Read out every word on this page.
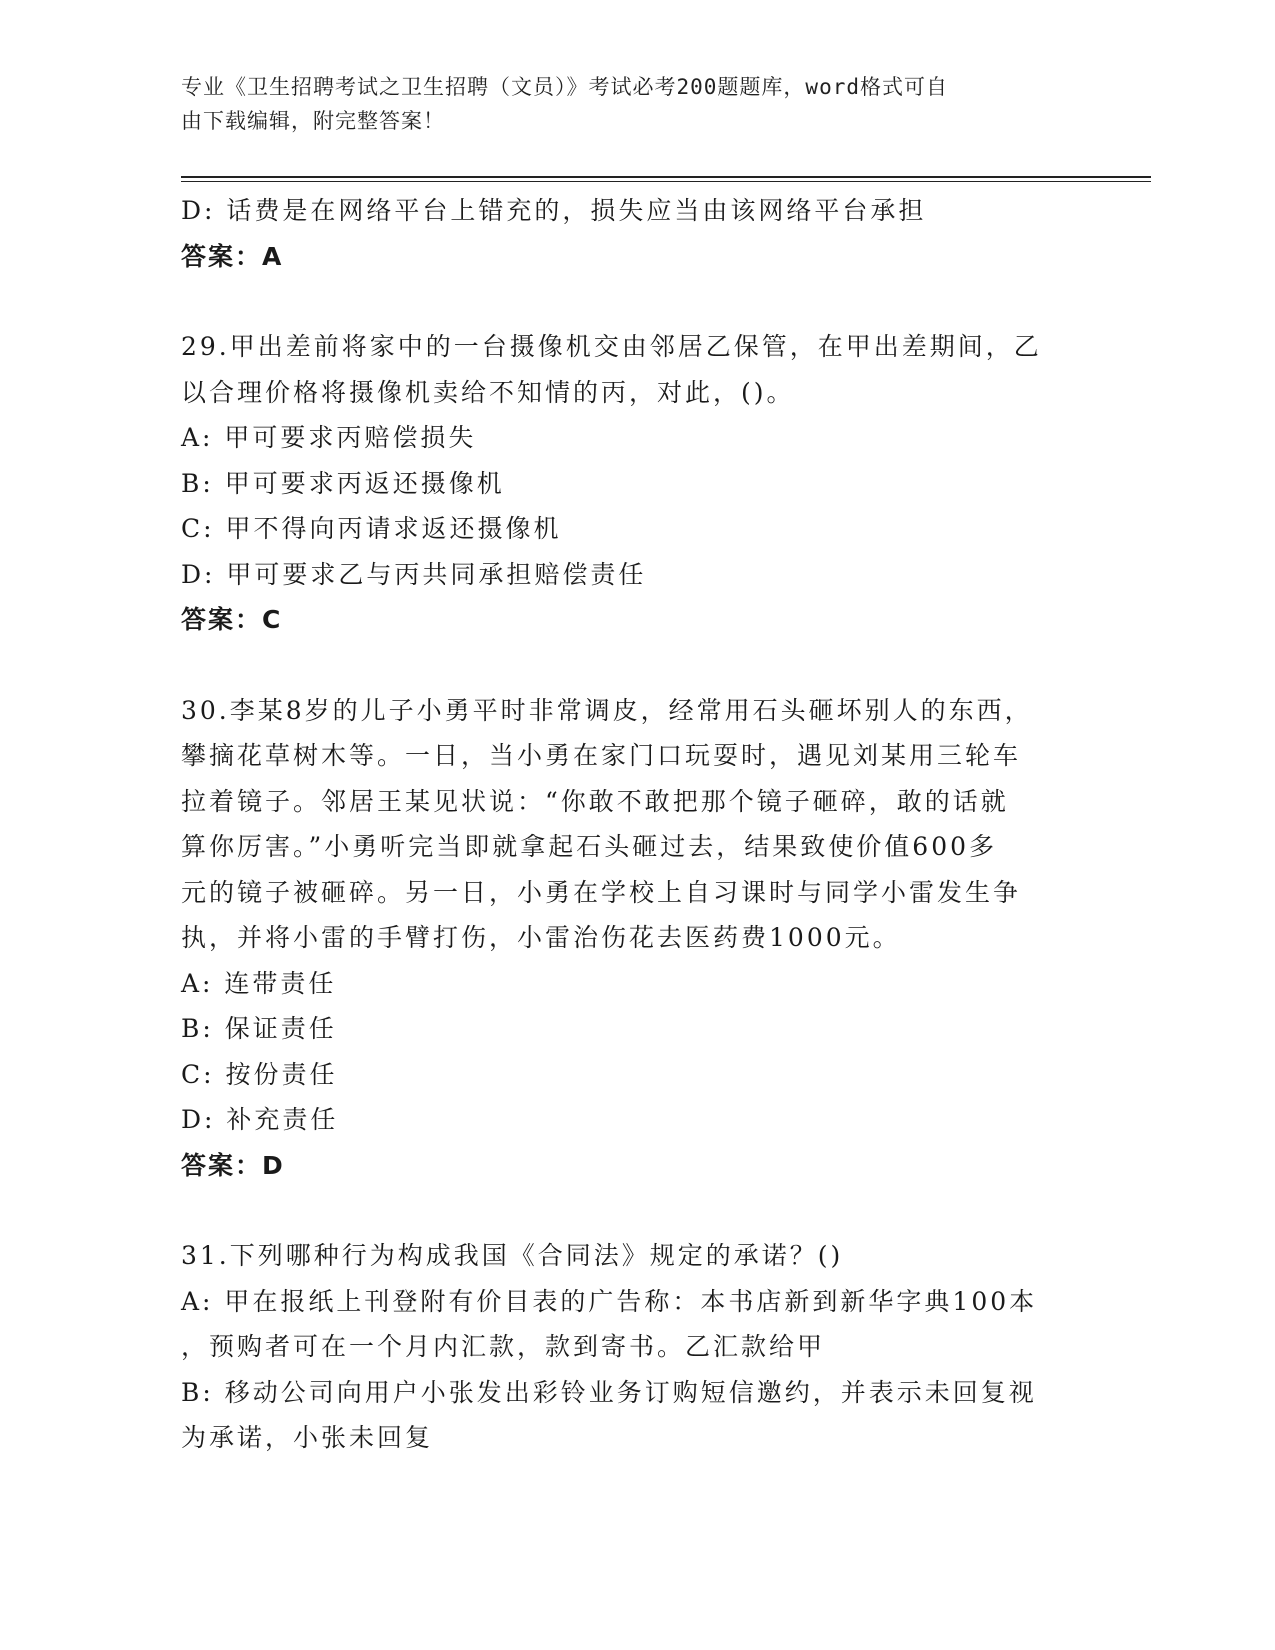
专业《卫生招聘考试之卫生招聘（文员）》考试必考200题题库，word格式可自
由下载编辑，附完整答案！

D: 话费是在网络平台上错充的，损失应当由该网络平台承担

答案：A

29.甲出差前将家中的一台摄像机交由邻居乙保管，在甲出差期间，乙

以合理价格将摄像机卖给不知情的丙，对此，()。

A: 甲可要求丙赔偿损失

B: 甲可要求丙返还摄像机

C: 甲不得向丙请求返还摄像机

D: 甲可要求乙与丙共同承担赔偿责任

答案：C

30.李某8岁的儿子小勇平时非常调皮，经常用石头砸坏别人的东西，

攀摘花草树木等。一日，当小勇在家门口玩耍时，遇见刘某用三轮车

拉着镜子。邻居王某见状说：“你敢不敢把那个镜子砸碎，敢的话就

算你厉害。”小勇听完当即就拿起石头砸过去，结果致使价值600多

元的镜子被砸碎。另一日，小勇在学校上自习课时与同学小雷发生争

执，并将小雷的手臂打伤，小雷治伤花去医药费1000元。

A: 连带责任

B: 保证责任

C: 按份责任

D: 补充责任

答案：D

31.下列哪种行为构成我国《合同法》规定的承诺？()

A: 甲在报纸上刊登附有价目表的广告称：本书店新到新华字典100本

，预购者可在一个月内汇款，款到寄书。乙汇款给甲

B: 移动公司向用户小张发出彩铃业务订购短信邀约，并表示未回复视

为承诺，小张未回复
